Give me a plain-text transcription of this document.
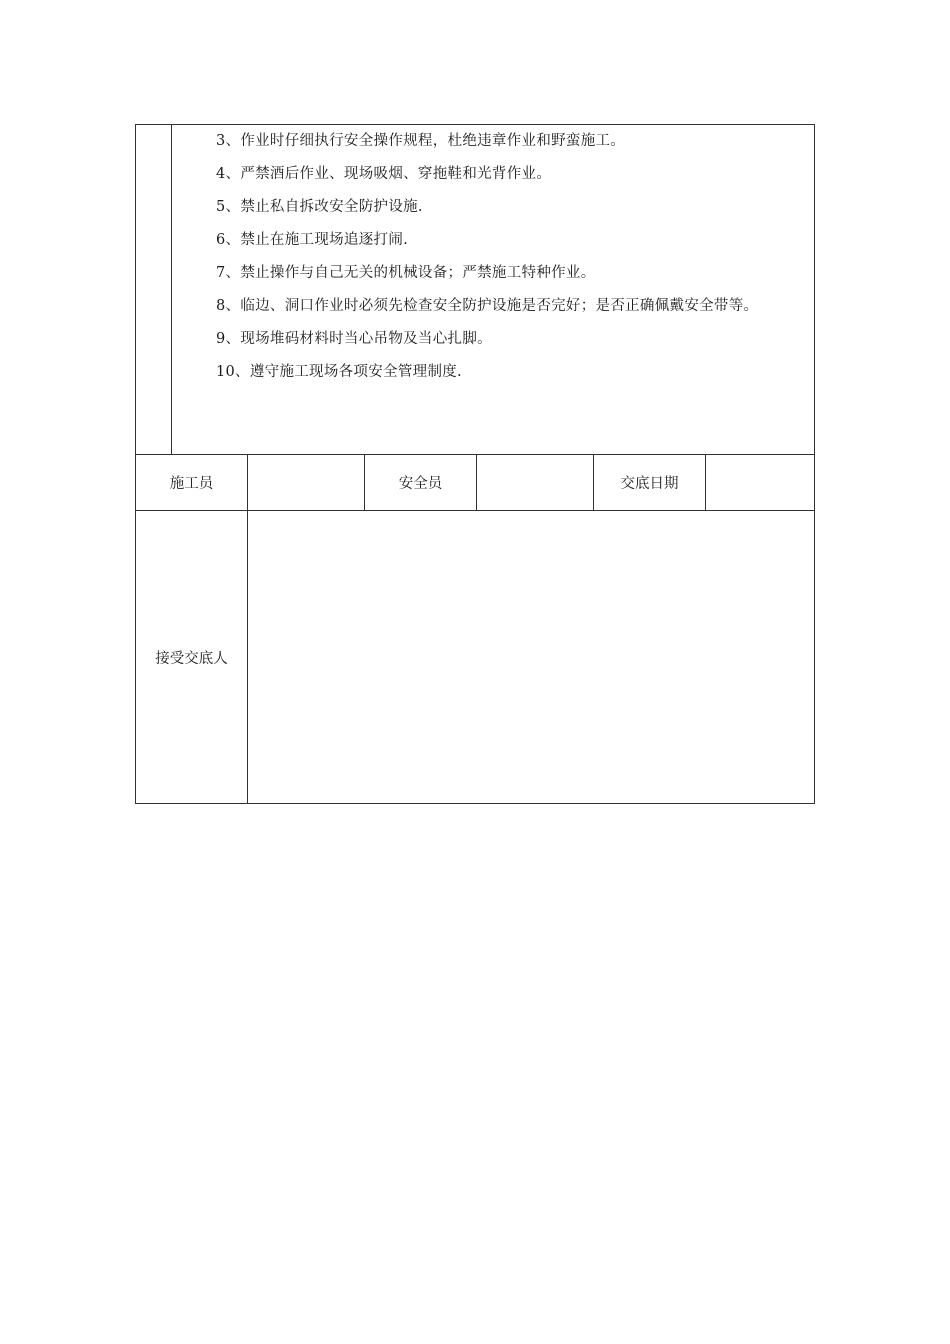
3、作业时仔细执行安全操作规程，杜绝违章作业和野蛮施工。

4、严禁酒后作业、现场吸烟、穿拖鞋和光背作业。

5、禁止私自拆改安全防护设施.

6、禁止在施工现场追逐打闹.

7、禁止操作与自己无关的机械设备；严禁施工特种作业。

8、临边、洞口作业时必须先检查安全防护设施是否完好；是否正确佩戴安全带等。

9、现场堆码材料时当心吊物及当心扎脚。

10、遵守施工现场各项安全管理制度.

施工员	安全员	交底日期
接受交底人
